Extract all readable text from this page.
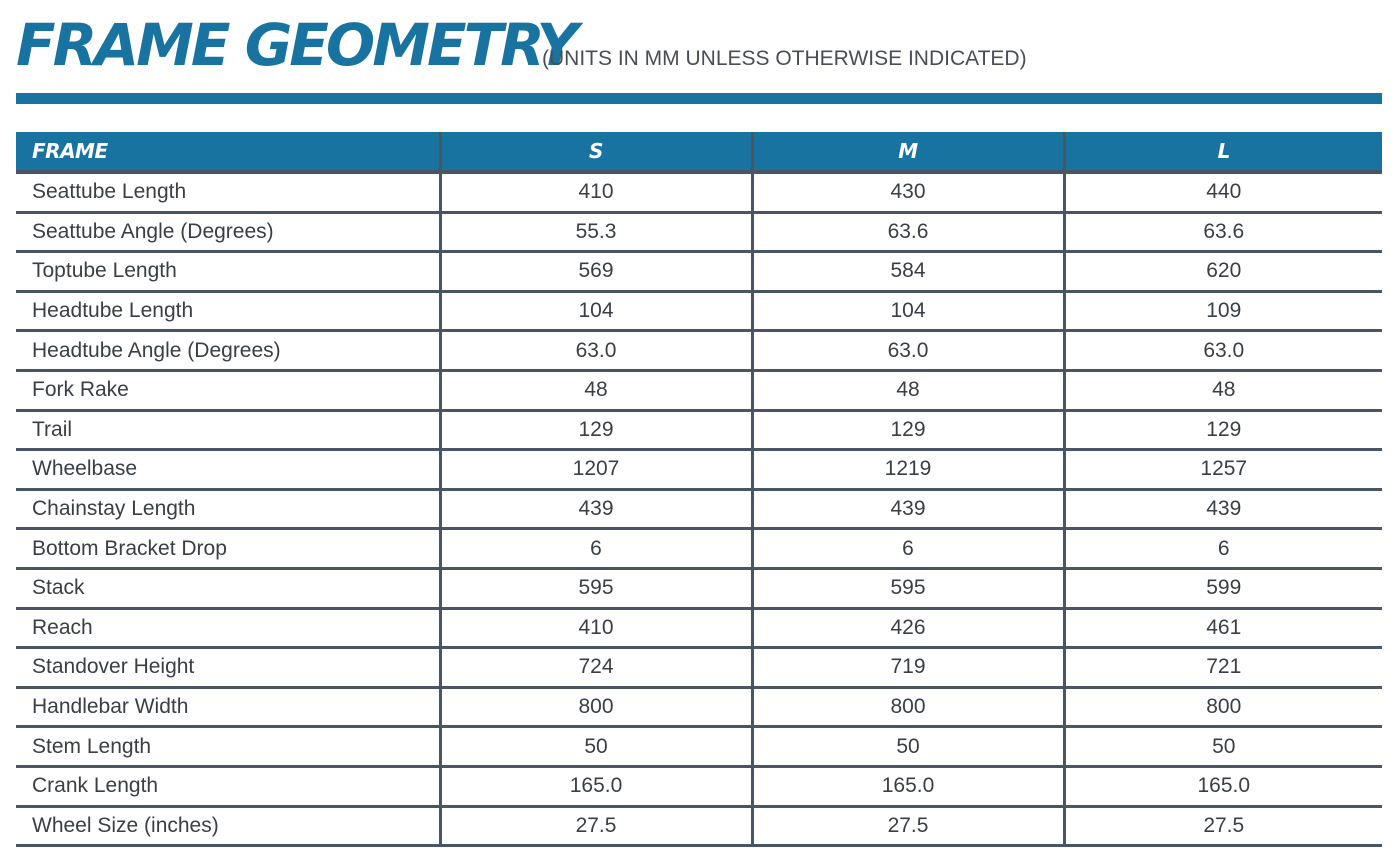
FRAME GEOMETRY
(UNITS IN MM UNLESS OTHERWISE INDICATED)
FRAME	S	M	L
Seattube Length	410	430	440
Seattube Angle (Degrees)	55.3	63.6	63.6
Toptube Length	569	584	620
Headtube Length	104	104	109
Headtube Angle (Degrees)	63.0	63.0	63.0
Fork Rake	48	48	48
Trail	129	129	129
Wheelbase	1207	1219	1257
Chainstay Length	439	439	439
Bottom Bracket Drop	6	6	6
Stack	595	595	599
Reach	410	426	461
Standover Height	724	719	721
Handlebar Width	800	800	800
Stem Length	50	50	50
Crank Length	165.0	165.0	165.0
Wheel Size (inches)	27.5	27.5	27.5
